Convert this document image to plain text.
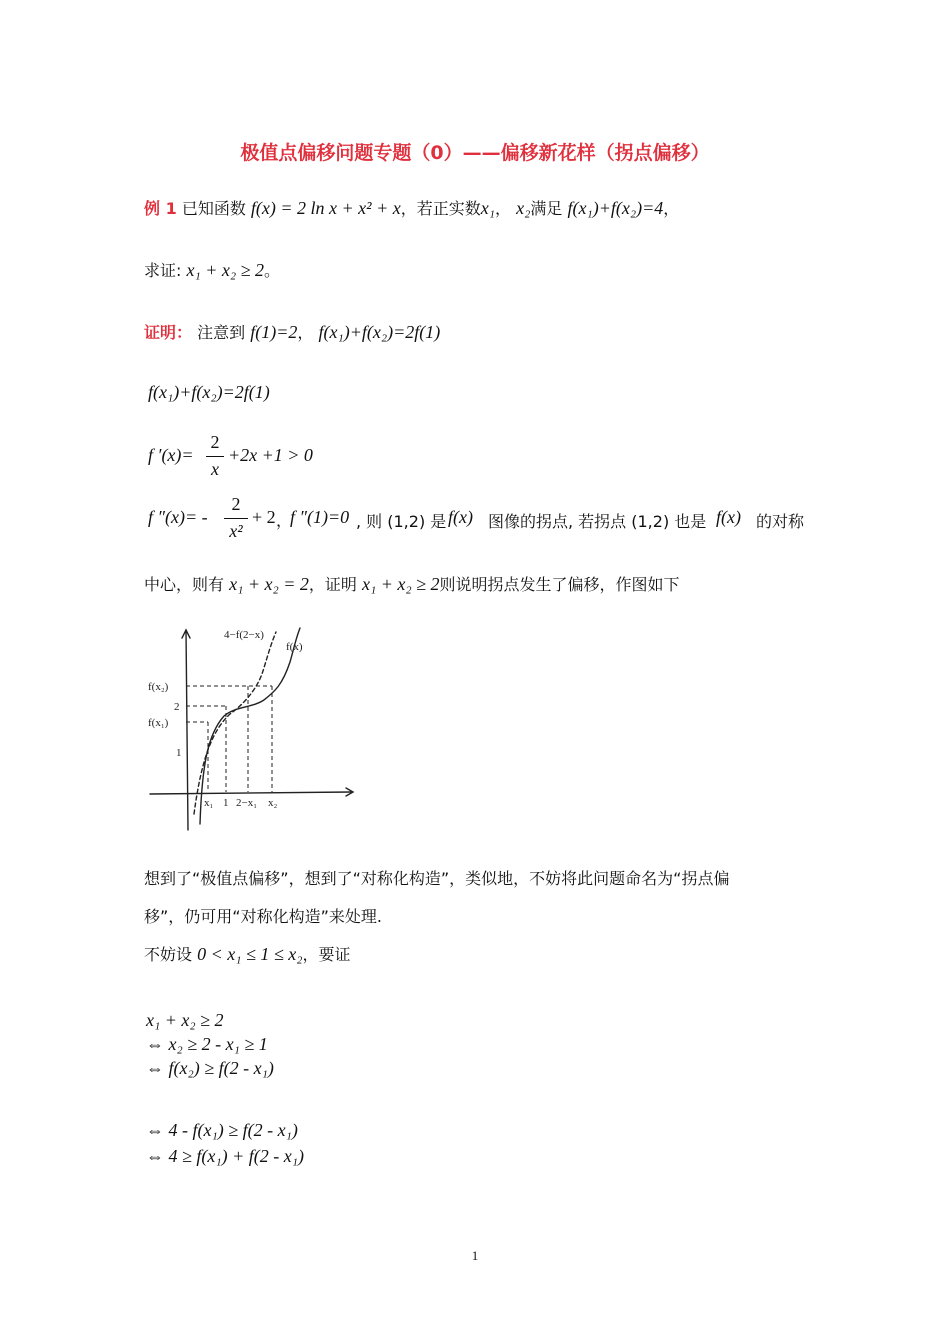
极值点偏移问题专题（0）——偏移新花样（拐点偏移）
例 1 已知函数 f(x) = 2 ln x + x² + x，若正实数x₁， x₂满足 f(x₁)+f(x₂)=4，
求证: x₁ + x₂ ≥ 2。
证明： 注意到 f(1)=2， f(x₁)+f(x₂)=2f(1)
f(x₁)+f(x₂)=2f(1)
f ′(x)=
2
x
+2x +1 > 0
f ″(x)= -
2
x²
+ 2 ，
f ″(1)=0 , 则 (1,2) 是 f(x) 图像的拐点, 若拐点 (1,2) 也是 f(x) 的对称
中心，则有 x₁ + x₂ = 2，证明 x₁ + x₂ ≥ 2则说明拐点发生了偏移，作图如下
f(x₂)
2
f(x₁)
1
x₁ 1 2−x₁ x₂
f(x)
4−f(2−x)
想到了“极值点偏移”，想到了“对称化构造”，类似地，不妨将此问题命名为“拐点偏
移”，仍可用“对称化构造”来处理.
不妨设 0 < x₁ ≤ 1 ≤ x₂，要证
x₁ + x₂ ≥ 2
⇔ x₂ ≥ 2 - x₁ ≥ 1
⇔ f(x₂) ≥ f(2 - x₁)
⇔ 4 - f(x₁) ≥ f(2 - x₁)
⇔ 4 ≥ f(x₁) + f(2 - x₁)
1
